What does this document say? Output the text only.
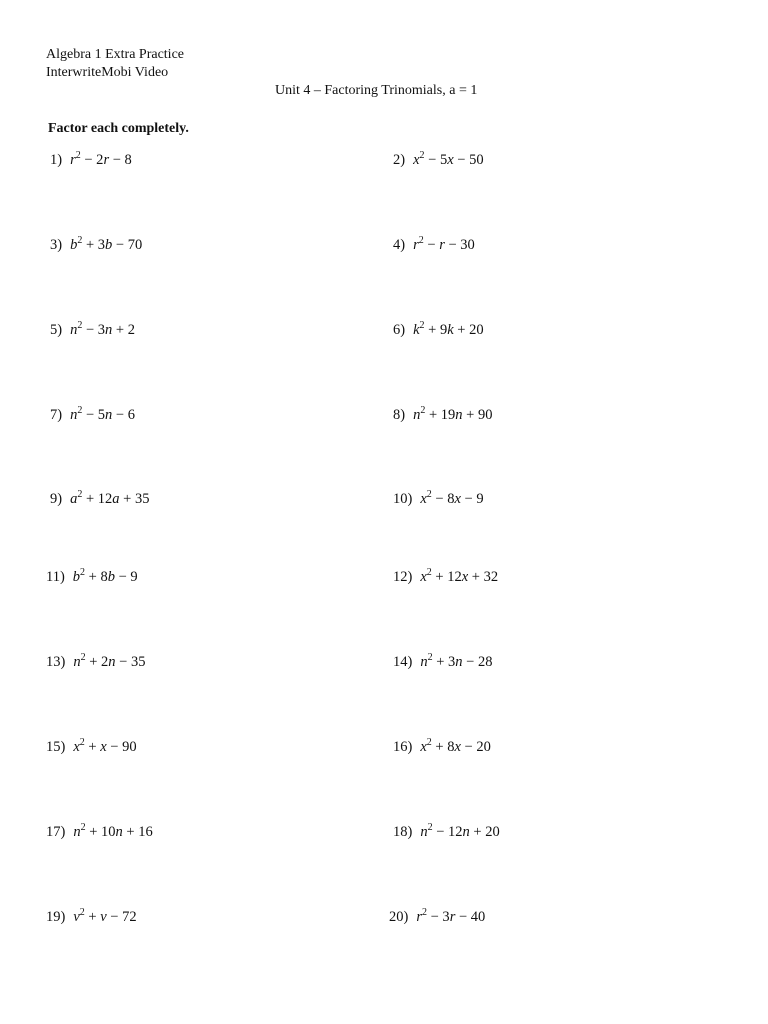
Algebra 1 Extra Practice
InterwriteMobi Video
Unit 4 – Factoring Trinomials, a = 1
Factor each completely.
1) $r^2 - 2r - 8$	2) $x^2 - 5x - 50$
3) $b^2 + 3b - 70$	4) $r^2 - r - 30$
5) $n^2 - 3n + 2$	6) $k^2 + 9k + 20$
7) $n^2 - 5n - 6$	8) $n^2 + 19n + 90$
9) $a^2 + 12a + 35$	10) $x^2 - 8x - 9$
11) $b^2 + 8b - 9$	12) $x^2 + 12x + 32$
13) $n^2 + 2n - 35$	14) $n^2 + 3n - 28$
15) $x^2 + x - 90$	16) $x^2 + 8x - 20$
17) $n^2 + 10n + 16$	18) $n^2 - 12n + 20$
19) $v^2 + v - 72$	20) $r^2 - 3r - 40$
